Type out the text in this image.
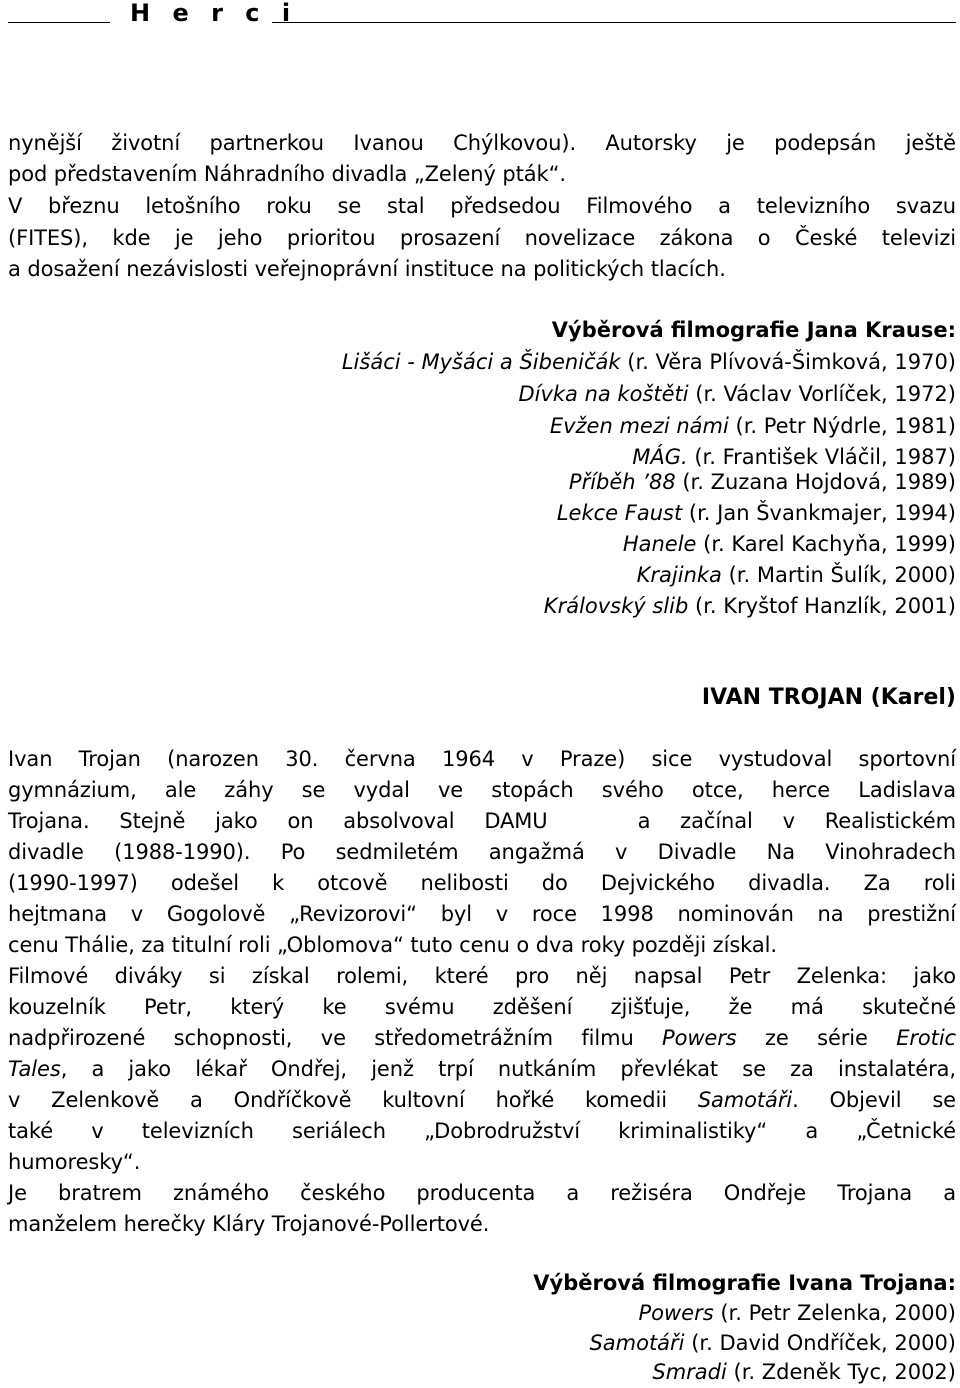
H e r c i
nynější životní partnerkou Ivanou Chýlkovou). Autorsky je podepsán ještě
pod představením Náhradního divadla „Zelený pták“.
V březnu letošního roku se stal předsedou Filmového a televizního svazu
(FITES), kde je jeho prioritou prosazení novelizace zákona o České televizi
a dosažení nezávislosti veřejnoprávní instituce na politických tlacích.
Výběrová filmografie Jana Krause:
Lišáci - Myšáci a Šibeničák (r. Věra Plívová-Šimková, 1970)
Dívka na koštěti (r. Václav Vorlíček, 1972)
Evžen mezi námi (r. Petr Nýdrle, 1981)
MÁG. (r. František Vláčil, 1987)
Příběh ’88 (r. Zuzana Hojdová, 1989)
Lekce Faust (r. Jan Švankmajer, 1994)
Hanele (r. Karel Kachyňa, 1999)
Krajinka (r. Martin Šulík, 2000)
Královský slib (r. Kryštof Hanzlík, 2001)
IVAN TROJAN (Karel)
Ivan Trojan (narozen 30. června 1964 v Praze) sice vystudoval sportovní
gymnázium, ale záhy se vydal ve stopách svého otce, herce Ladislava
Trojana. Stejně jako on absolvoval DAMU	a začínal v Realistickém
divadle (1988-1990). Po sedmiletém angažmá v Divadle Na Vinohradech
(1990-1997) odešel k otcově nelibosti do Dejvického divadla. Za roli
hejtmana v Gogolově „Revizorovi“ byl v roce 1998 nominován na prestižní
cenu Thálie, za titulní roli „Oblomova“ tuto cenu o dva roky později získal.
Filmové diváky si získal rolemi, které pro něj napsal Petr Zelenka: jako
kouzelník Petr, který ke svému zděšení zjišťuje, že má skutečné
nadpřirozené schopnosti, ve středometrážním filmu Powers ze série Erotic
Tales, a jako lékař Ondřej, jenž trpí nutkáním převlékat se za instalatéra,
v Zelenkově a Ondříčkově kultovní hořké komedii Samotáři. Objevil se
také v televizních seriálech „Dobrodružství kriminalistiky“ a „Četnické
humoresky“.
Je bratrem známého českého producenta a režiséra Ondřeje Trojana a
manželem herečky Kláry Trojanové-Pollertové.
Výběrová filmografie Ivana Trojana:
Powers (r. Petr Zelenka, 2000)
Samotáři (r. David Ondříček, 2000)
Smradi (r. Zdeněk Tyc, 2002)
